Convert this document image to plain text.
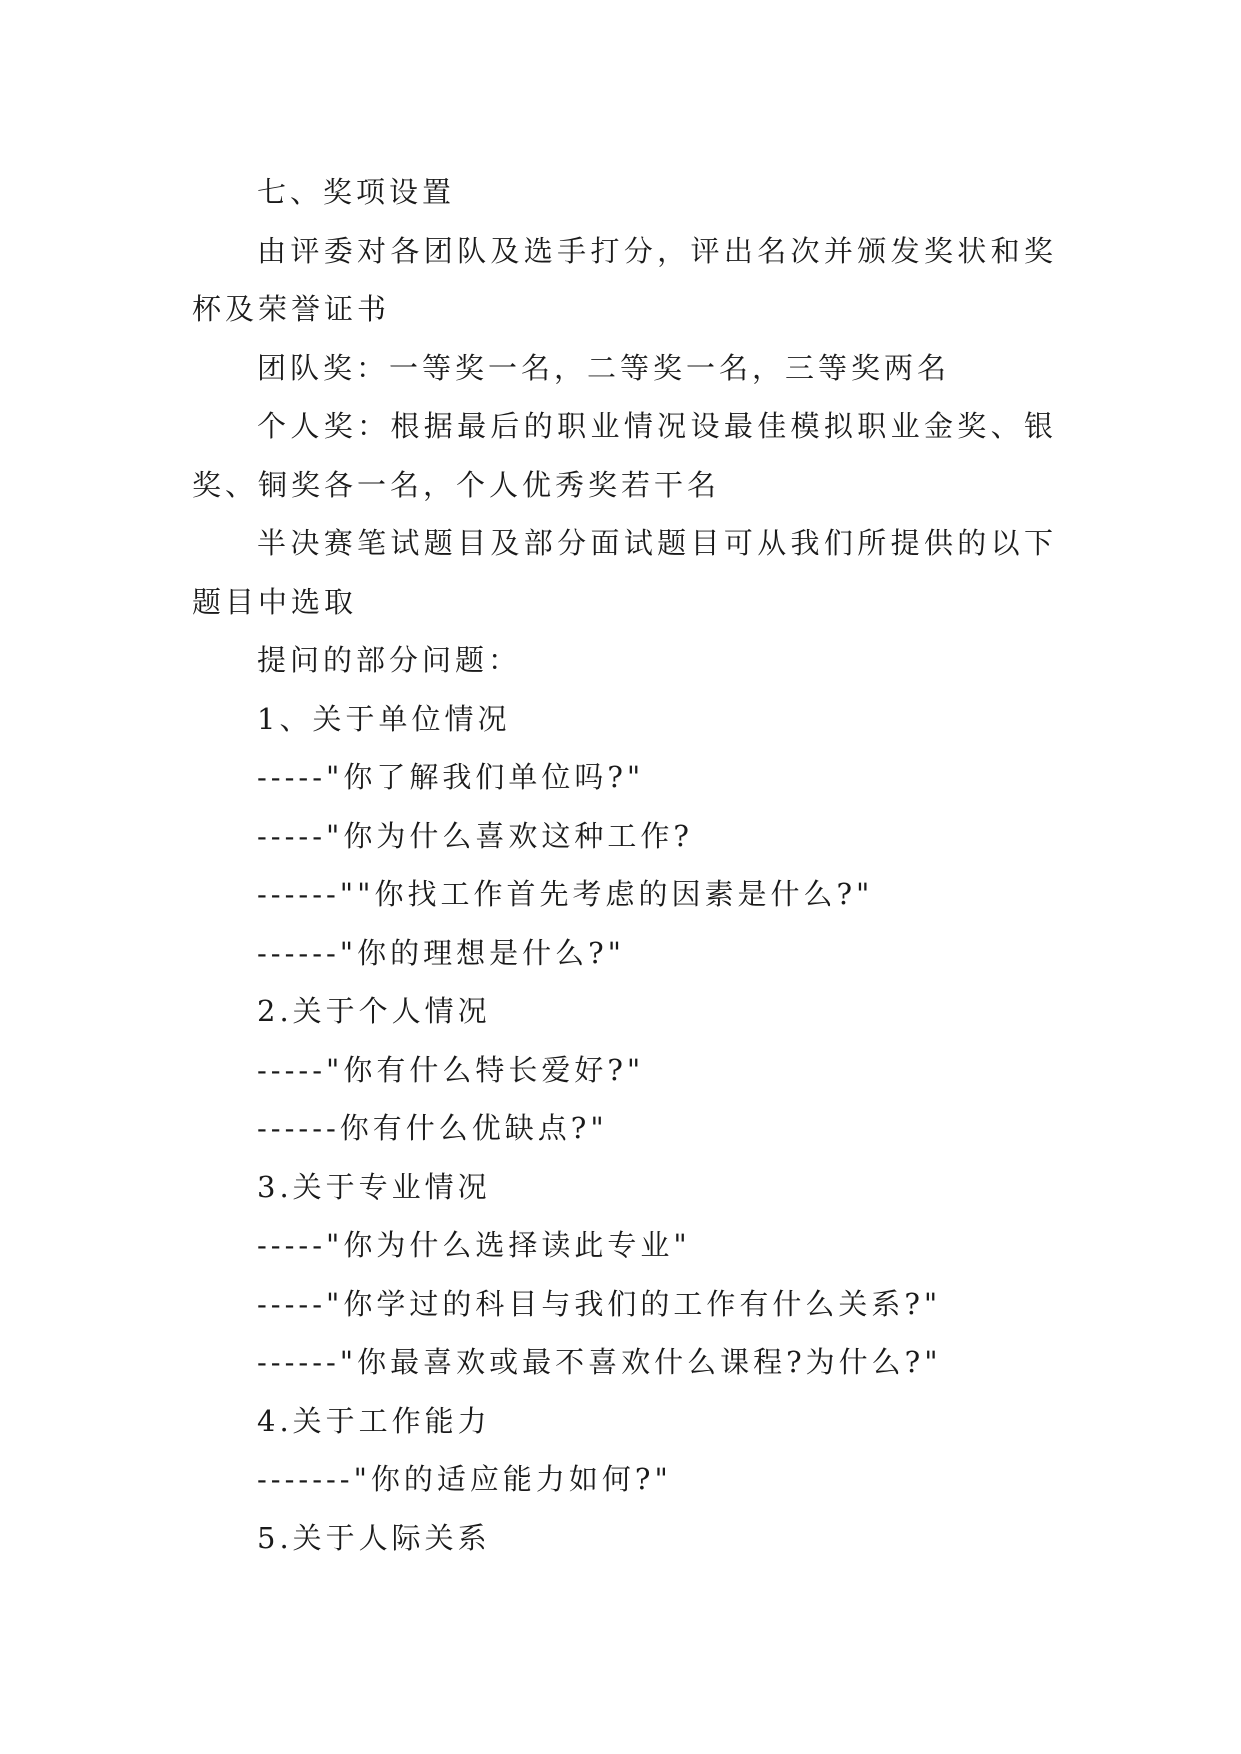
七、奖项设置

由评委对各团队及选手打分，评出名次并颁发奖状和奖杯及荣誉证书

团队奖：一等奖一名，二等奖一名，三等奖两名

个人奖：根据最后的职业情况设最佳模拟职业金奖、银奖、铜奖各一名，个人优秀奖若干名

半决赛笔试题目及部分面试题目可从我们所提供的以下题目中选取

提问的部分问题：

1、关于单位情况

-----"你了解我们单位吗?"

-----"你为什么喜欢这种工作?

------""你找工作首先考虑的因素是什么?"

------"你的理想是什么?"

2.关于个人情况

-----"你有什么特长爱好?"

------你有什么优缺点?"

3.关于专业情况

-----"你为什么选择读此专业"

-----"你学过的科目与我们的工作有什么关系?"

------"你最喜欢或最不喜欢什么课程?为什么?"

4.关于工作能力

-------"你的适应能力如何?"

5.关于人际关系
